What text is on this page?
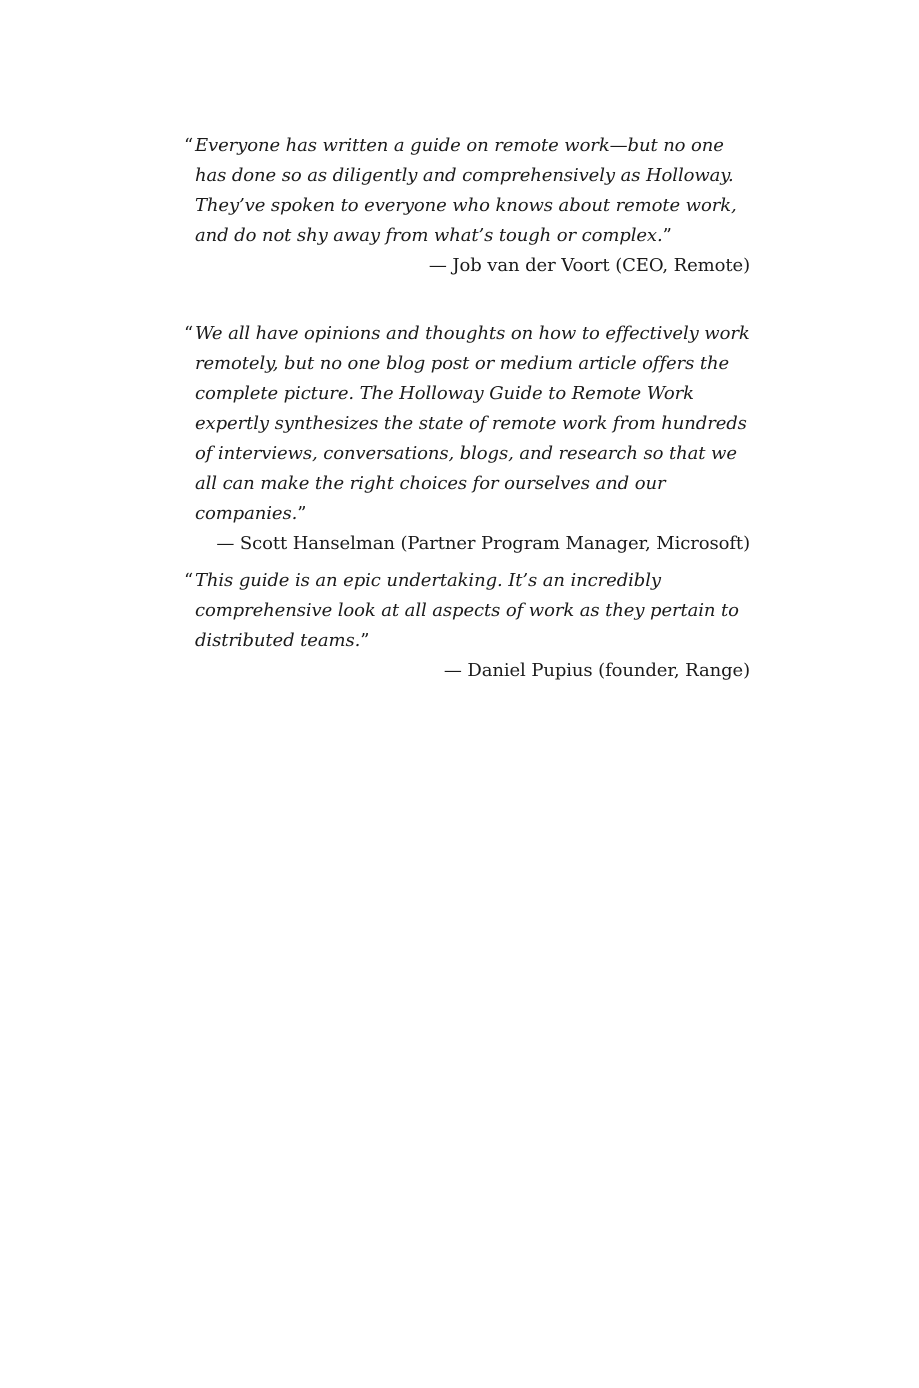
“ Everyone has written a guide on remote work—but no one has done so as diligently and comprehensively as Holloway. They’ve spoken to everyone who knows about remote work, and do not shy away from what’s tough or complex.”

— Job van der Voort (CEO, Remote)

“ We all have opinions and thoughts on how to effectively work remotely, but no one blog post or medium article offers the complete picture. The Holloway Guide to Remote Work expertly synthesizes the state of remote work from hundreds of interviews, conversations, blogs, and research so that we all can make the right choices for ourselves and our companies.”

— Scott Hanselman (Partner Program Manager, Microsoft)

“ This guide is an epic undertaking. It’s an incredibly comprehensive look at all aspects of work as they pertain to distributed teams.”

— Daniel Pupius (founder, Range)
